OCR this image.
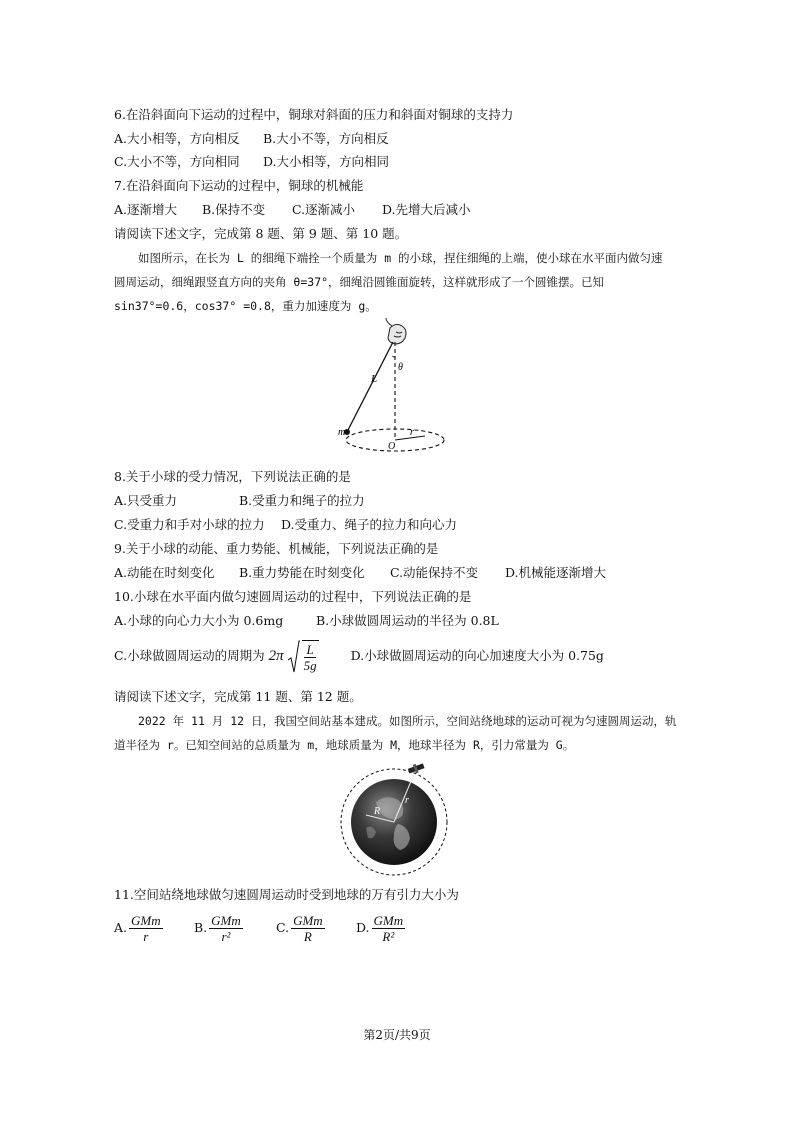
6.在沿斜面向下运动的过程中，铜球对斜面的压力和斜面对铜球的支持力
A.大小相等，方向相反 B.大小不等，方向相反
C.大小不等，方向相同 D.大小相等，方向相同
7.在沿斜面向下运动的过程中，铜球的机械能
A.逐渐增大 B.保持不变 C.逐渐减小 D.先增大后减小
请阅读下述文字，完成第 8 题、第 9 题、第 10 题。
如图所示，在长为 L 的细绳下端拴一个质量为 m 的小球，捏住细绳的上端，使小球在水平面内做匀速
圆周运动，细绳跟竖直方向的夹角 θ=37°，细绳沿圆锥面旋转，这样就形成了一个圆锥摆。已知
sin37°=0.6，cos37° =0.8，重力加速度为 g。
L
θ
m
O
r
8.关于小球的受力情况，下列说法正确的是
A.只受重力	B.受重力和绳子的拉力
C.受重力和手对小球的拉力 D.受重力、绳子的拉力和向心力
9.关于小球的动能、重力势能、机械能，下列说法正确的是
A.动能在时刻变化 B.重力势能在时刻变化 C.动能保持不变 D.机械能逐渐增大
10.小球在水平面内做匀速圆周运动的过程中，下列说法正确的是
A.小球的向心力大小为 0.6mg	B.小球做圆周运动的半径为 0.8L
C.小球做圆周运动的周期为 $2\pi \frac{L}{5g}$	D.小球做圆周运动的向心加速度大小为 0.75g
请阅读下述文字，完成第 11 题、第 12 题。
2022 年 11 月 12 日，我国空间站基本建成。如图所示，空间站绕地球的运动可视为匀速圆周运动，轨
道半径为 r。已知空间站的总质量为 m，地球质量为 M，地球半径为 R，引力常量为 G。
R
r
11.空间站绕地球做匀速圆周运动时受到地球的万有引力大小为
A. $\frac{\text{GMm}}{r}$	B. $\frac{\text{GMm}}{\text{r²}}$	C. $\frac{\text{GMm}}{R}$	D. $\frac{\text{GMm}}{\text{R²}}$
第2页/共9页
